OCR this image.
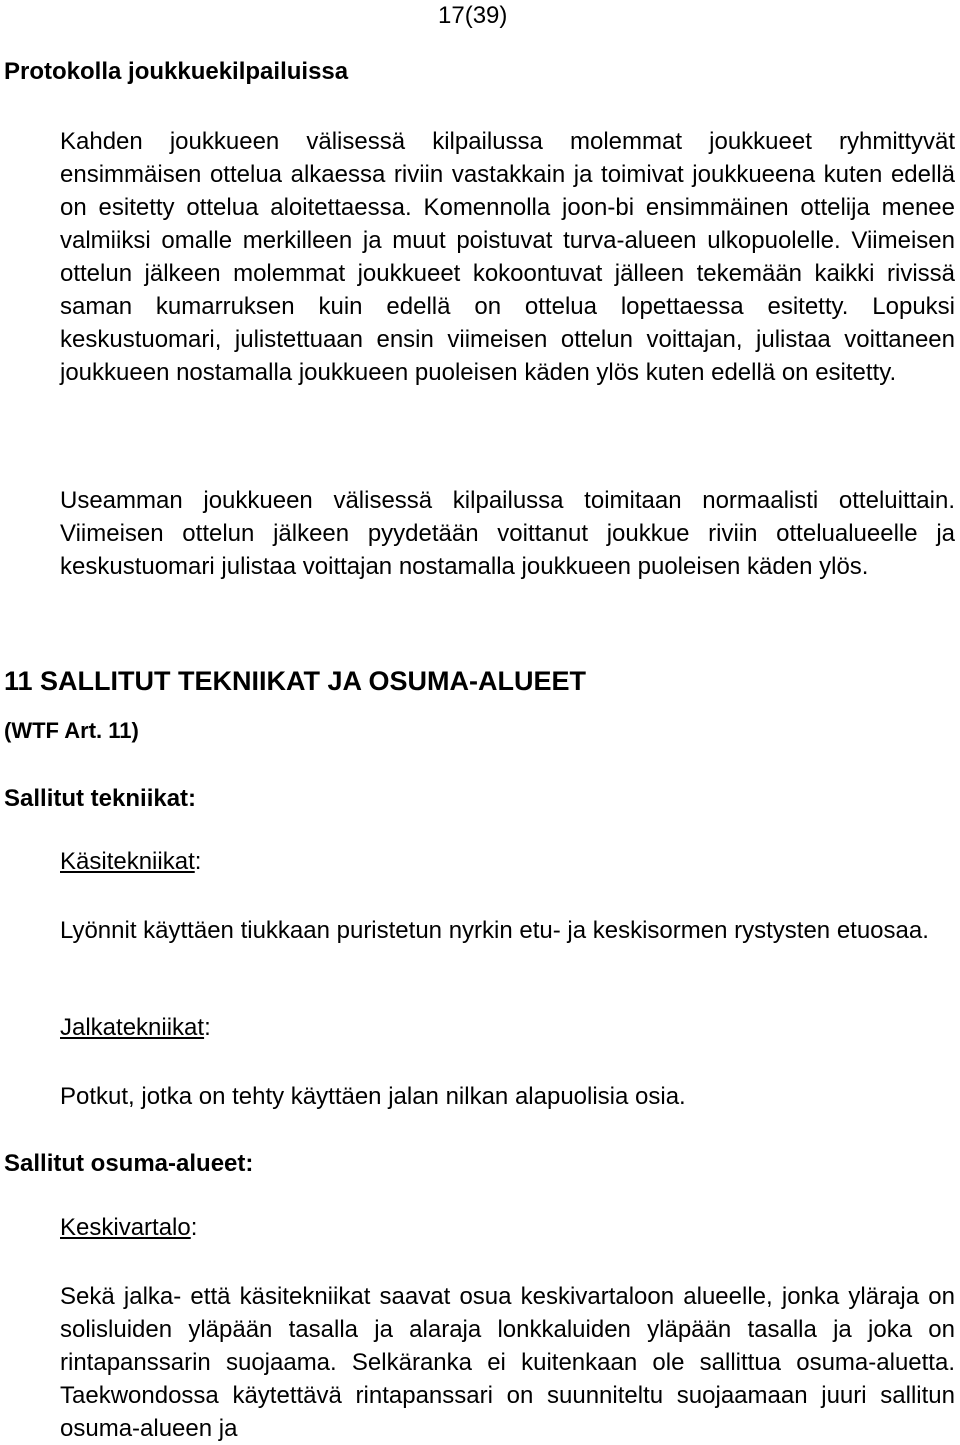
17(39)
Protokolla joukkuekilpailuissa

Kahden joukkueen välisessä kilpailussa molemmat joukkueet ryhmittyvät ensimmäisen ottelua alkaessa riviin vastakkain ja toimivat joukkueena kuten edellä on esitetty ottelua aloitettaessa. Komennolla joon-bi ensimmäinen ottelija menee valmiiksi omalle merkilleen ja muut poistuvat turva-alueen ulkopuolelle. Viimeisen ottelun jälkeen molemmat joukkueet kokoontuvat jälleen tekemään kaikki rivissä saman kumarruksen kuin edellä on ottelua lopettaessa esitetty. Lopuksi keskustuomari, julistettuaan ensin viimeisen ottelun voittajan, julistaa voittaneen joukkueen nostamalla joukkueen puoleisen käden ylös kuten edellä on esitetty.

Useamman joukkueen välisessä kilpailussa toimitaan normaalisti otteluittain. Viimeisen ottelun jälkeen pyydetään voittanut joukkue riviin ottelualueelle ja keskustuomari julistaa voittajan nostamalla joukkueen puoleisen käden ylös.

11 SALLITUT TEKNIIKAT JA OSUMA-ALUEET
(WTF Art. 11)
Sallitut tekniikat:
Käsitekniikat:

Lyönnit käyttäen tiukkaan puristetun nyrkin etu- ja keskisormen rystysten etuosaa.

Jalkatekniikat:

Potkut, jotka on tehty käyttäen jalan nilkan alapuolisia osia.

Sallitut osuma-alueet:
Keskivartalo:

Sekä jalka- että käsitekniikat saavat osua keskivartaloon alueelle, jonka yläraja on solisluiden yläpään tasalla ja alaraja lonkkaluiden yläpään tasalla ja joka on rintapanssarin suojaama. Selkäranka ei kuitenkaan ole sallittua osuma-aluetta. Taekwondossa käytettävä rintapanssari on suunniteltu suojaamaan juuri sallitun osuma-alueen ja
